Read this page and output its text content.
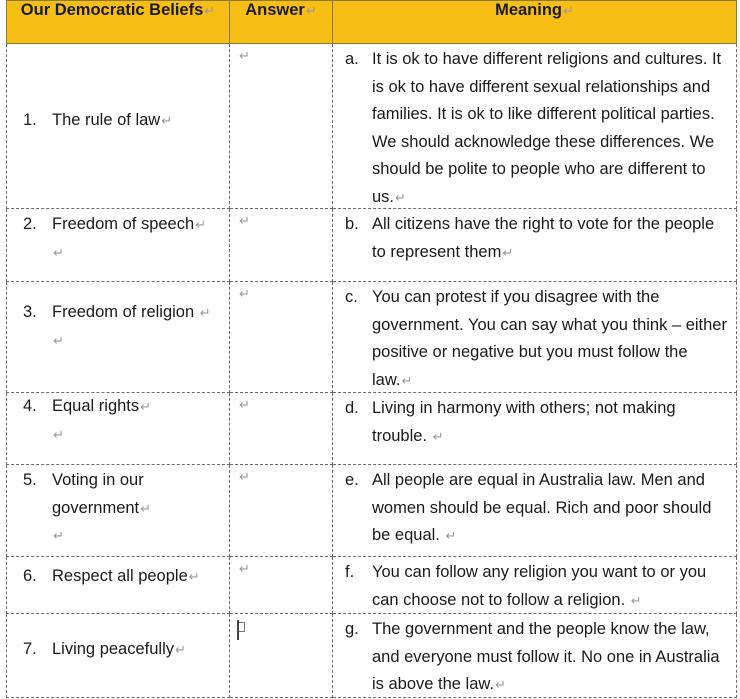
Our Democratic Beliefs↵	Answer↵	Meaning↵

1. The rule of law↵	↵	a. It is ok to have different religions and cultures. It is ok to have different sexual relationships and families. It is ok to like different political parties. We should acknowledge these differences. We should be polite to people who are different to us.↵

2. Freedom of speech↵
↵	↵	b. All citizens have the right to vote for the people to represent them↵

3. Freedom of religion ↵
↵	↵	c. You can protest if you disagree with the government. You can say what you think – either positive or negative but you must follow the law.↵

4. Equal rights↵
↵	↵	d. Living in harmony with others; not making trouble. ↵

5. Voting in our
government↵
↵	↵	e. All people are equal in Australia law. Men and women should be equal. Rich and poor should be equal. ↵

6. Respect all people↵	↵	f. You can follow any religion you want to or you can choose not to follow a religion. ↵

7. Living peacefully↵		g. The government and the people know the law, and everyone must follow it. No one in Australia is above the law.↵
